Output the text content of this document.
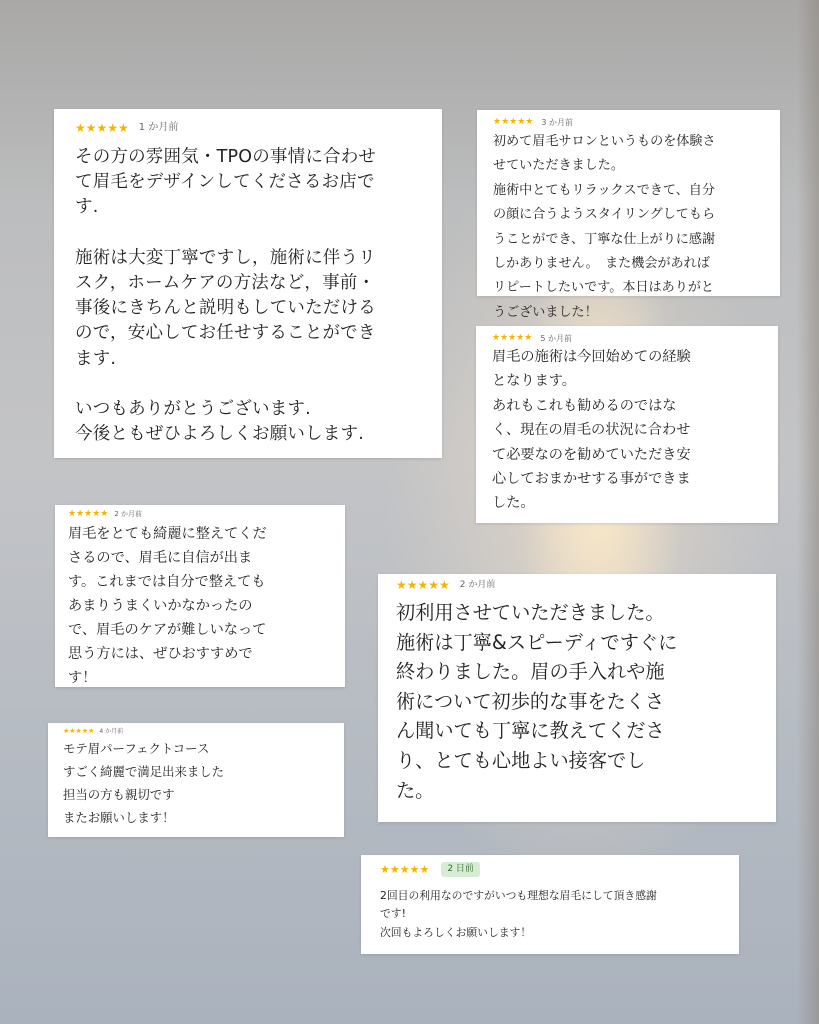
★★★★★ 1 か月前

その方の雰囲気・TPOの事情に合わせ
て眉毛をデザインしてくださるお店で
す.

施術は大変丁寧ですし，施術に伴うリ
スク，ホームケアの方法など，事前・
事後にきちんと説明もしていただける
ので，安心してお任せすることができ
ます.

いつもありがとうございます.
今後ともぜひよろしくお願いします.

★★★★★ 3 か月前

初めて眉毛サロンというものを体験さ
せていただきました。
施術中とてもリラックスできて、自分
の顔に合うようスタイリングしてもら
うことができ、丁寧な仕上がりに感謝
しかありません。　また機会があれば
リピートしたいです。本日はありがと
うございました！

★★★★★ 5 か月前

眉毛の施術は今回始めての経験
となります。
あれもこれも勧めるのではな
く、現在の眉毛の状況に合わせ
て必要なのを勧めていただき安
心しておまかせする事ができま
した。

★★★★★ 2 か月前

眉毛をとても綺麗に整えてくだ
さるので、眉毛に自信が出ま
す。これまでは自分で整えても
あまりうまくいかなかったの
で、眉毛のケアが難しいなって
思う方には、ぜひおすすめで
す！

★★★★★ 2 か月前

初利用させていただきました。
施術は丁寧&スピーディですぐに
終わりました。眉の手入れや施
術について初歩的な事をたくさ
ん聞いても丁寧に教えてくださ
り、とても心地よい接客でし
た。

★★★★★ 4 か月前

モテ眉パーフェクトコース
すごく綺麗で満足出来ました
担当の方も親切です
またお願いします！

★★★★★	2 日前

2回目の利用なのですがいつも理想な眉毛にして頂き感謝
です!
次回もよろしくお願いします！
